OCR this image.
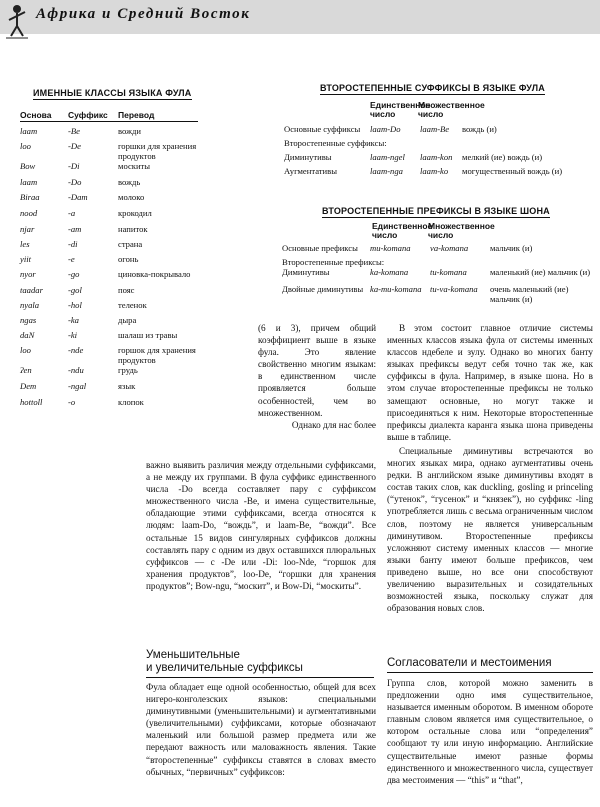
Африка и Средний Восток
ИМЕННЫЕ КЛАССЫ ЯЗЫКА ФУЛА
Основа Суффикс Перевод
laam	-Be	вожди
loo	-De	горшки для хранения продуктов
Bow	-Di	москиты
laam	-Do	вождь
Biraa	-Dam	молоко
nood	-a	крокодил
njar	-am	напиток
les	-di	страна
yiit	-e	огонь
nyor	-go	циновка-покрывало
taadar	-gol	пояс
nyala	-hol	теленок
ngas	-ka	дыра
daN	-ki	шалаш из травы
loo	-nde	горшок для хранения продуктов
ʔen	-ndu	грудь
Dem	-ngal	язык
hottoll	-o	клопок
ВТОРОСТЕПЕННЫЕ СУФФИКСЫ В ЯЗЫКЕ ФУЛА
Единственное число
Множественное число
Основные суффиксы laam-Do laam-Be вождь (и)
Второстепенные суффиксы:
Диминутивы	laam-ngel laam-kon мелкий (ие) вождь (и)
Аугментативы	laam-nga laam-ko могущественный вождь (и)
ВТОРОСТЕПЕННЫЕ ПРЕФИКСЫ В ЯЗЫКЕ ШОНА
Единственное число
Множественное число
Основные префиксы mu-komana va-komana	мальчик (и)
Второстепенные префиксы:
Диминутивы	ka-komana	tu-komana	маленький (ие) мальчик (и)
Двойные диминутивы ka-mu-komana tu-va-komana очень маленький (ие) мальчик (и)

(6 и 3), причем общий коэффициент выше в языке фула. Это явление свойственно многим языкам: в единственном числе проявляется больше особенностей, чем во множественном.

Однако для нас более

важно выявить различия между отдельными суффиксами, а не между их группами. В фула суффикс единственного числа -Do всегда составляет пару с суффиксом множественного числа -Be, и имена существительные, обладающие этими суффиксами, всегда относятся к людям: laam-Do, “вождь”, и laam-Be, “вожди”. Все остальные 15 видов сингулярных суффиксов должны составлять пару с одним из двух оставшихся плюральных суффиксов — с -De или -Di: loo-Nde, “горшок для хранения продуктов”, loo-De, “горшки для хранения продуктов”; Bow-ngu, “москит”, и Bow-Di, “москиты”.

Уменьшительные
и увеличительные суффиксы

Фула обладает еще одной особенностью, общей для всех нигеро-конголезских языков: специальными диминутивными (уменьшительными) и аугментативными (увеличительными) суффиксами, которые обозначают маленький или большой размер предмета или же передают важность или маловажность явления. Такие “второстепенные” суффиксы ставятся в словах вместо обычных, “первичных” суффиксов:

В этом состоит главное отличие системы именных классов языка фула от системы именных классов ндебеле и зулу. Однако во многих банту языках префиксы ведут себя точно так же, как суффиксы в фула. Например, в языке шона. Но в этом случае второстепенные префиксы не только замещают основные, но могут также и присоединяться к ним. Некоторые второстепенные префиксы диалекта каранга языка шона приведены выше в таблице.

Специальные диминутивы встречаются во многих языках мира, однако аугментативы очень редки. В английском языке диминутивы входят в состав таких слов, как duckling, gosling и princeling (“утенок”, “гусенок” и “князек”), но суффикс -ling употребляется лишь с весьма ограниченным числом слов, поэтому не является универсальным диминутивом. Второстепенные префиксы усложняют систему именных классов — многие языки банту имеют больше префиксов, чем приведено выше, но все они способствуют увеличению выразительных и созидательных возможностей языка, поскольку служат для образования новых слов.

Согласователи и местоимения

Группа слов, которой можно заменить в предложении одно имя существительное, называется именным оборотом. В именном обороте главным словом является имя существительное, о котором остальные слова или “определения” сообщают ту или иную информацию. Английские существительные имеют разные формы единственного и множественного числа, существует два местоимения — “this” и “that”,
